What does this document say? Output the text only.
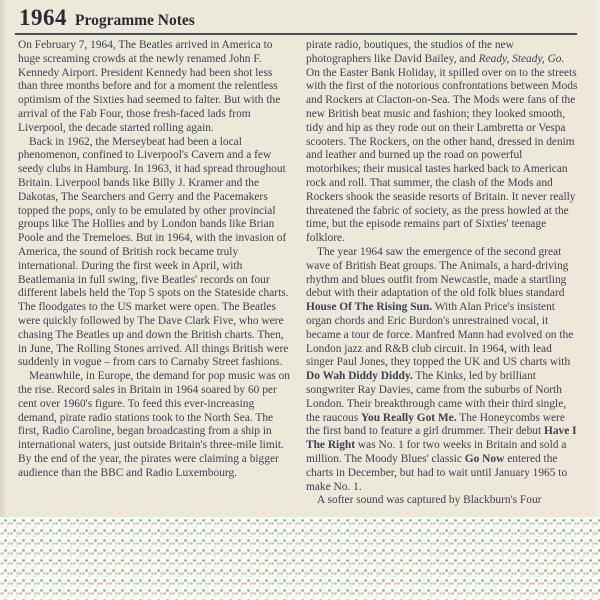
1964 Programme Notes

On February 7, 1964, The Beatles arrived in America to huge screaming crowds at the newly renamed John F. Kennedy Airport. President Kennedy had been shot less than three months before and for a moment the relentless optimism of the Sixties had seemed to falter. But with the arrival of the Fab Four, those fresh-faced lads from Liverpool, the decade started rolling again.

Back in 1962, the Merseybeat had been a local phenomenon, confined to Liverpool's Cavern and a few seedy clubs in Hamburg. In 1963, it had spread throughout Britain. Liverpool bands like Billy J. Kramer and the Dakotas, The Searchers and Gerry and the Pacemakers topped the pops, only to be emulated by other provincial groups like The Hollies and by London bands like Brian Poole and the Tremeloes. But in 1964, with the invasion of America, the sound of British rock became truly international. During the first week in April, with Beatlemania in full swing, five Beatles' records on four different labels held the Top 5 spots on the Stateside charts. The floodgates to the US market were open. The Beatles were quickly followed by The Dave Clark Five, who were chasing The Beatles up and down the British charts. Then, in June, The Rolling Stones arrived. All things British were suddenly in vogue – from cars to Carnaby Street fashions.

Meanwhile, in Europe, the demand for pop music was on the rise. Record sales in Britain in 1964 soared by 60 per cent over 1960's figure. To feed this ever-increasing demand, pirate radio stations took to the North Sea. The first, Radio Caroline, began broadcasting from a ship in international waters, just outside Britain's three-mile limit. By the end of the year, the pirates were claiming a bigger audience than the BBC and Radio Luxembourg.

pirate radio, boutiques, the studios of the new photographers like David Bailey, and Ready, Steady, Go. On the Easter Bank Holiday, it spilled over on to the streets with the first of the notorious confrontations between Mods and Rockers at Clacton-on-Sea. The Mods were fans of the new British beat music and fashion; they looked smooth, tidy and hip as they rode out on their Lambretta or Vespa scooters. The Rockers, on the other hand, dressed in denim and leather and burned up the road on powerful motorbikes; their musical tastes harked back to American rock and roll. That summer, the clash of the Mods and Rockers shook the seaside resorts of Britain. It never really threatened the fabric of society, as the press howled at the time, but the episode remains part of Sixties' teenage folklore.

The year 1964 saw the emergence of the second great wave of British Beat groups. The Animals, a hard-driving rhythm and blues outfit from Newcastle, made a startling debut with their adaptation of the old folk blues standard House Of The Rising Sun. With Alan Price's insistent organ chords and Eric Burdon's unrestrained vocal, it became a tour de force. Manfred Mann had evolved on the London jazz and R&B club circuit. In 1964, with lead singer Paul Jones, they topped the UK and US charts with Do Wah Diddy Diddy. The Kinks, led by brilliant songwriter Ray Davies, came from the suburbs of North London. Their breakthrough came with their third single, the raucous You Really Got Me. The Honeycombs were the first band to feature a girl drummer. Their debut Have I The Right was No. 1 for two weeks in Britain and sold a million. The Moody Blues' classic Go Now entered the charts in December, but had to wait until January 1965 to make No. 1.

A softer sound was captured by Blackburn's Four
